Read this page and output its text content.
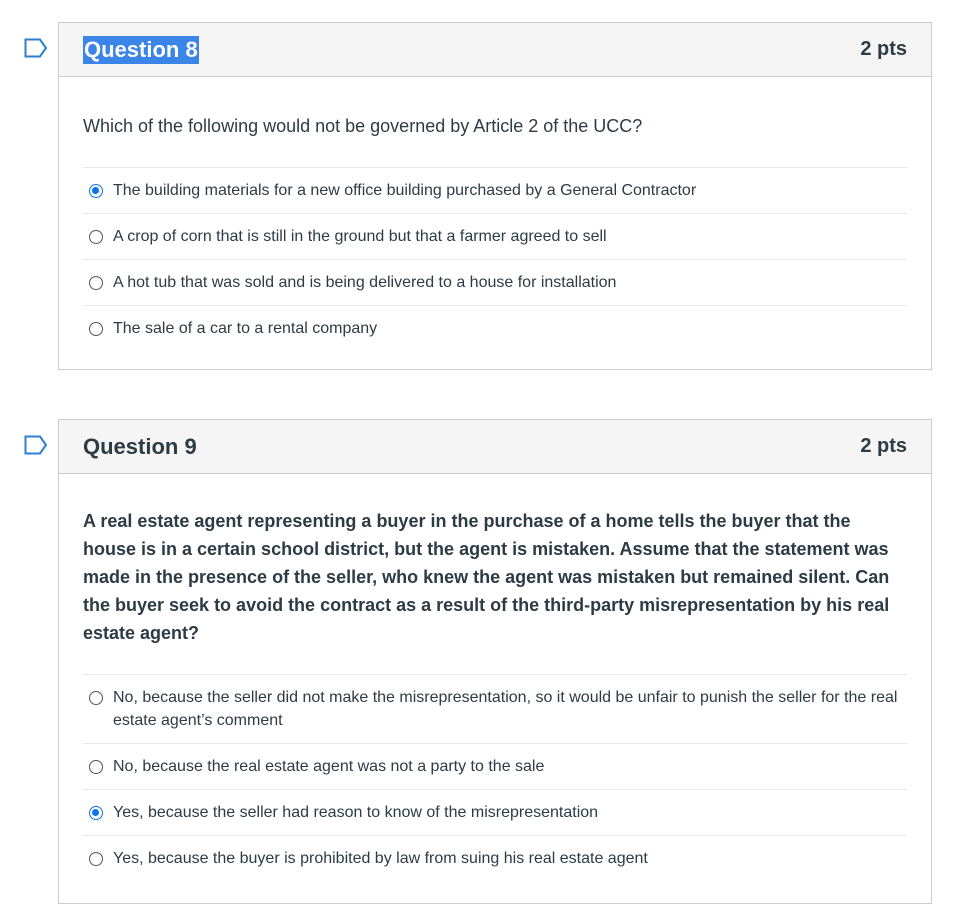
Question 8	2 pts
Which of the following would not be governed by Article 2 of the UCC?
The building materials for a new office building purchased by a General Contractor
A crop of corn that is still in the ground but that a farmer agreed to sell
A hot tub that was sold and is being delivered to a house for installation
The sale of a car to a rental company
Question 9	2 pts
A real estate agent representing a buyer in the purchase of a home tells the buyer that the house is in a certain school district, but the agent is mistaken. Assume that the statement was made in the presence of the seller, who knew the agent was mistaken but remained silent. Can the buyer seek to avoid the contract as a result of the third-party misrepresentation by his real estate agent?
No, because the seller did not make the misrepresentation, so it would be unfair to punish the seller for the real estate agent’s comment
No, because the real estate agent was not a party to the sale
Yes, because the seller had reason to know of the misrepresentation
Yes, because the buyer is prohibited by law from suing his real estate agent
